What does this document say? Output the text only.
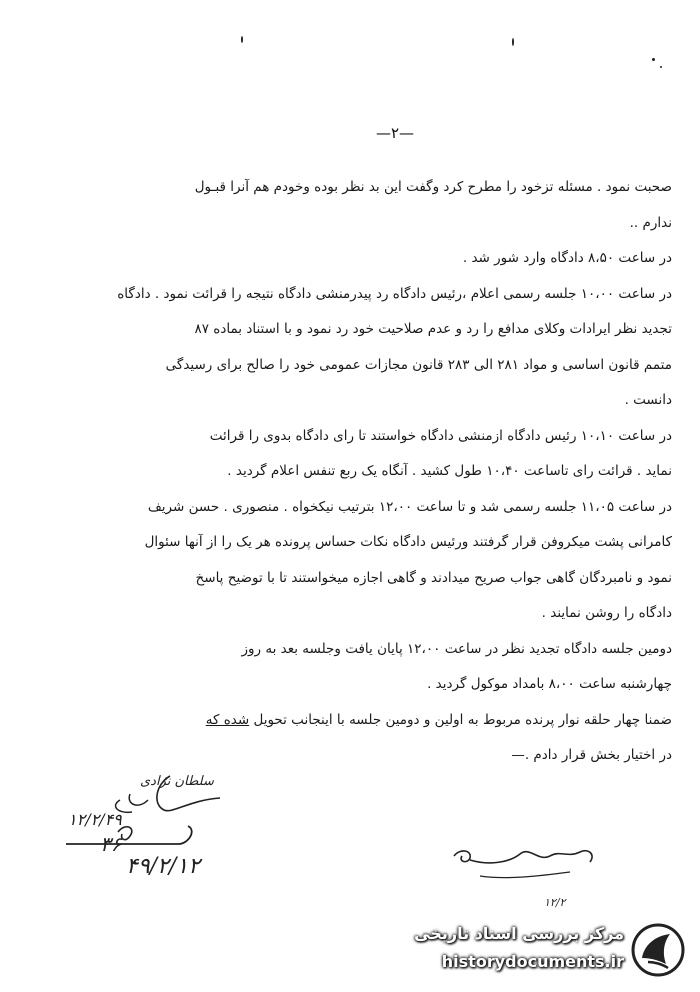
—۲—
صحبت نمود . مسئله تزخود را مطرح کرد وگفت این بد نظر بوده وخودم هم آنرا قبـول
ندارم ..
در ساعت ۸،۵۰ دادگاه وارد شور شد .
در ساعت ۱۰،۰۰ جلسه رسمی اعلام ،رئیس دادگاه رد پیدرمنشی دادگاه نتیجه را قرائت نمود . دادگاه
تجدید نظر ایرادات وکلای مدافع را رد و عدم صلاحیت خود رد نمود و با استناد بماده ۸۷
متمم قانون اساسی و مواد ۲۸۱ الی ۲۸۳ قانون مجازات عمومی خود را صالح برای رسیدگی
دانست .
در ساعت ۱۰،۱۰ رئیس دادگاه ازمنشی دادگاه خواستند تا رای دادگاه بدوی را قرائت
نماید . قرائت رای تاساعت ۱۰،۴۰ طول کشید . آنگاه یک ربع تنفس اعلام گردید .
در ساعت ۱۱،۰۵ جلسه رسمی شد و تا ساعت ۱۲،۰۰ بترتیب نیکخواه . منصوری . حسن شریف
کامرانی پشت میکروفن قرار گرفتند ورئیس دادگاه نکات حساس پرونده هر یک را از آنها سئوال
نمود و نامبردگان گاهی جواب صریح میدادند و گاهی اجازه میخواستند تا با توضیح پاسخ
دادگاه را روشن نمایند .
دومین جلسه دادگاه تجدید نظر در ساعت ۱۲،۰۰ پایان یافت وجلسه بعد به روز
چهارشنبه ساعت ۸،۰۰ بامداد موکول گردید .
ضمنا چهار حلقه نوار پرنده مربوط به اولین و دومین جلسه با اینجانب تحویل شده که
در اختیار بخش قرار دادم .—
سلطان نژادی
۱۲/۲/۴۹
۳۶
۴۹/۲/۱۲
۱۲/۲
مرکز بررسی اسناد تاریخی
historydocuments.ir
